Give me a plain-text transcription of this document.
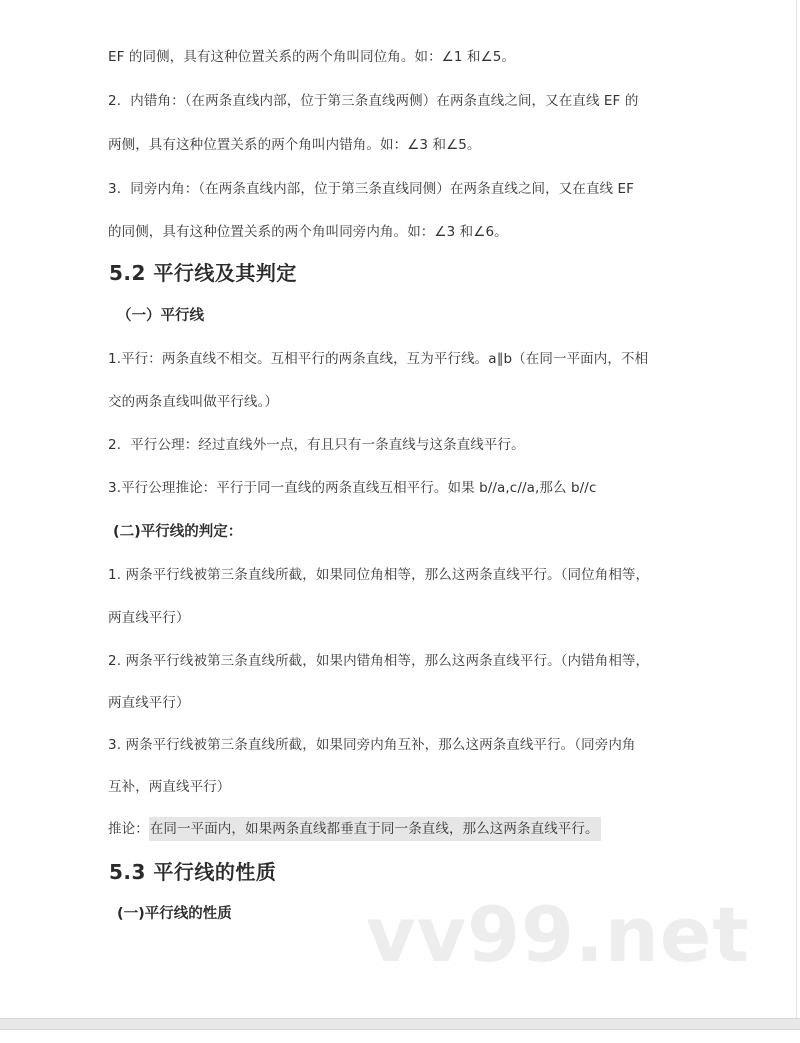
EF 的同侧，具有这种位置关系的两个角叫同位角。如：∠1 和∠5。
2．内错角：（在两条直线内部，位于第三条直线两侧）在两条直线之间，又在直线 EF 的
两侧，具有这种位置关系的两个角叫内错角。如：∠3 和∠5。
3．同旁内角：（在两条直线内部，位于第三条直线同侧）在两条直线之间，又在直线 EF
的同侧，具有这种位置关系的两个角叫同旁内角。如：∠3 和∠6。
5.2 平行线及其判定
（一）平行线
1.平行：两条直线不相交。互相平行的两条直线，互为平行线。a∥b（在同一平面内，不相
交的两条直线叫做平行线。）
2．平行公理：经过直线外一点，有且只有一条直线与这条直线平行。
3.平行公理推论：平行于同一直线的两条直线互相平行。如果 b//a,c//a,那么 b//c
(二)平行线的判定：
1. 两条平行线被第三条直线所截，如果同位角相等，那么这两条直线平行。（同位角相等，
两直线平行）
2. 两条平行线被第三条直线所截，如果内错角相等，那么这两条直线平行。（内错角相等，
两直线平行）
3. 两条平行线被第三条直线所截，如果同旁内角互补，那么这两条直线平行。（同旁内角
互补，两直线平行）
推论：在同一平面内，如果两条直线都垂直于同一条直线，那么这两条直线平行。
5.3 平行线的性质
(一)平行线的性质 vv99.net
